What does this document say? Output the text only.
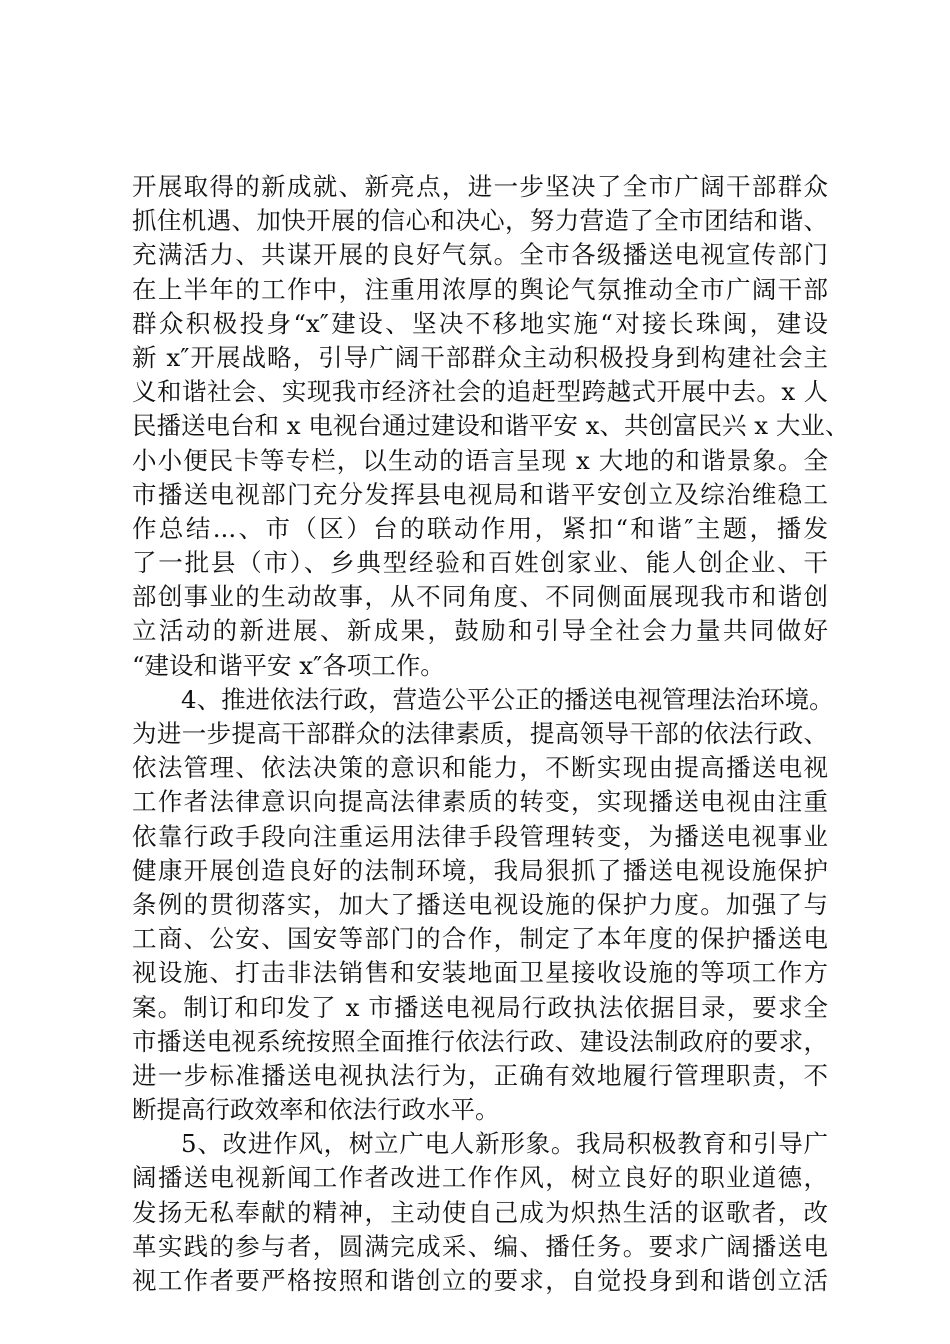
开展取得的新成就、新亮点，进一步坚决了全市广阔干部群众
抓住机遇、加快开展的信心和决心，努力营造了全市团结和谐、
充满活力、共谋开展的良好气氛。全市各级播送电视宣传部门
在上半年的工作中，注重用浓厚的舆论气氛推动全市广阔干部
群众积极投身“x″建设、坚决不移地实施“对接长珠闽，建设
新 x″开展战略，引导广阔干部群众主动积极投身到构建社会主
义和谐社会、实现我市经济社会的追赶型跨越式开展中去。x 人
民播送电台和 x 电视台通过建设和谐平安 x、共创富民兴 x 大业、
小小便民卡等专栏，以生动的语言呈现 x 大地的和谐景象。全
市播送电视部门充分发挥县电视局和谐平安创立及综治维稳工
作总结...、市（区）台的联动作用，紧扣“和谐″主题，播发
了一批县（市）、乡典型经验和百姓创家业、能人创企业、干
部创事业的生动故事，从不同角度、不同侧面展现我市和谐创
立活动的新进展、新成果，鼓励和引导全社会力量共同做好
“建设和谐平安 x″各项工作。
4、推进依法行政，营造公平公正的播送电视管理法治环境。
为进一步提高干部群众的法律素质，提高领导干部的依法行政、
依法管理、依法决策的意识和能力，不断实现由提高播送电视
工作者法律意识向提高法律素质的转变，实现播送电视由注重
依靠行政手段向注重运用法律手段管理转变，为播送电视事业
健康开展创造良好的法制环境，我局狠抓了播送电视设施保护
条例的贯彻落实，加大了播送电视设施的保护力度。加强了与
工商、公安、国安等部门的合作，制定了本年度的保护播送电
视设施、打击非法销售和安装地面卫星接收设施的等项工作方
案。制订和印发了 x 市播送电视局行政执法依据目录，要求全
市播送电视系统按照全面推行依法行政、建设法制政府的要求，
进一步标准播送电视执法行为，正确有效地履行管理职责，不
断提高行政效率和依法行政水平。
5、改进作风，树立广电人新形象。我局积极教育和引导广
阔播送电视新闻工作者改进工作作风，树立良好的职业道德，
发扬无私奉献的精神，主动使自己成为炽热生活的讴歌者，改
革实践的参与者，圆满完成采、编、播任务。要求广阔播送电
视工作者要严格按照和谐创立的要求，自觉投身到和谐创立活
